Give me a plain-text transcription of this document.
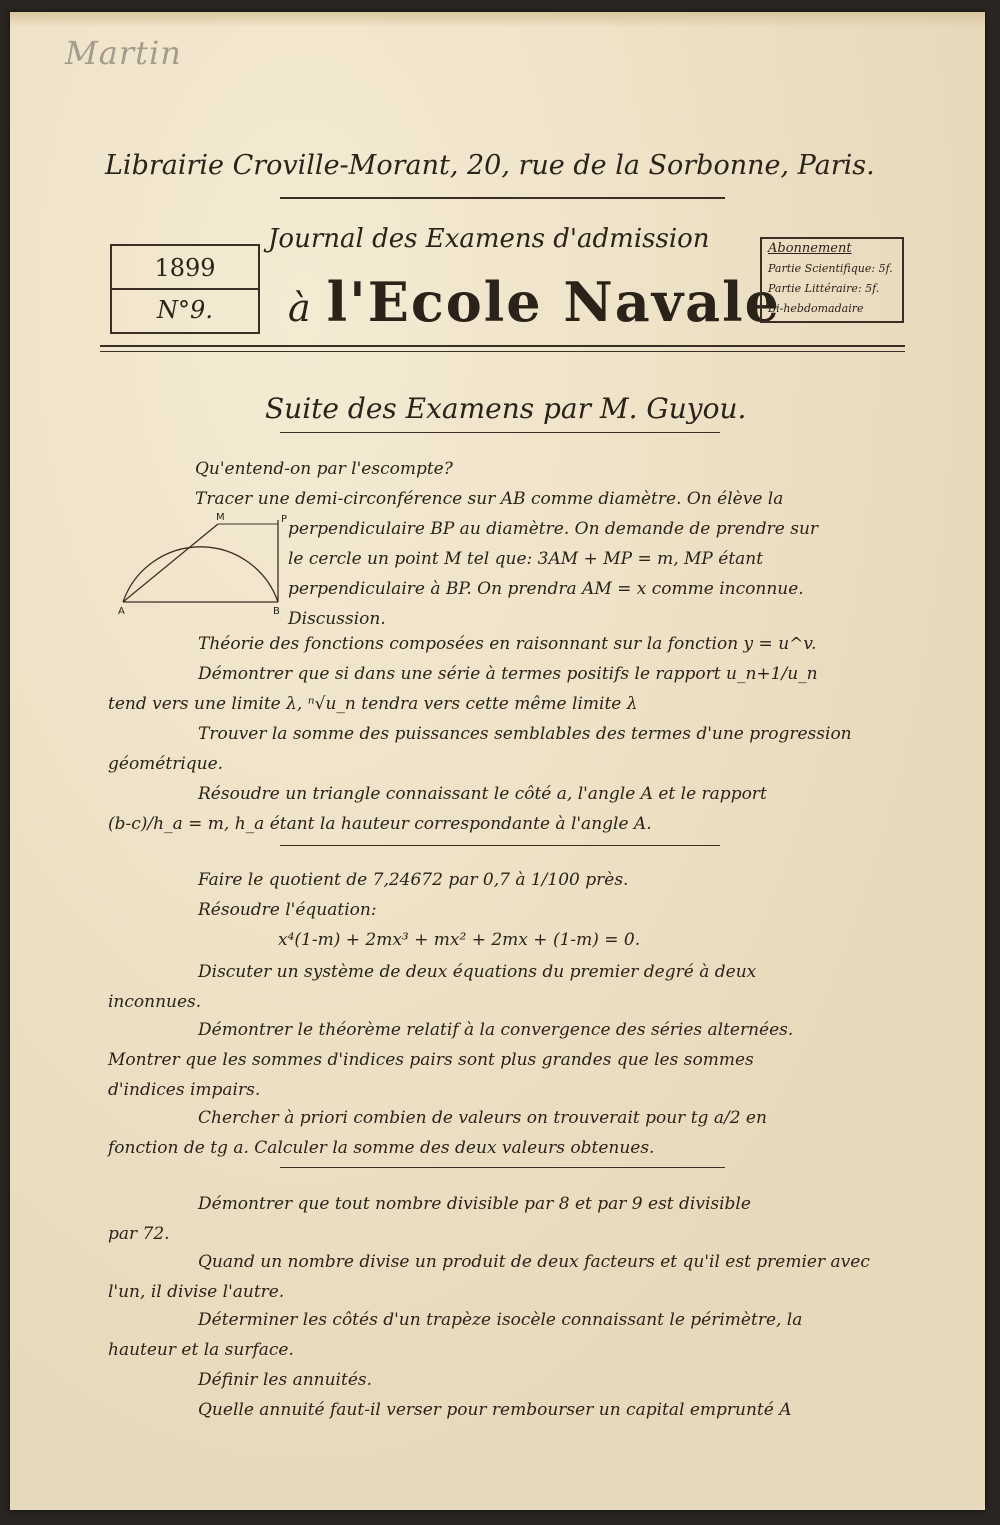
Martin
Librairie Croville-Morant, 20, rue de la Sorbonne, Paris.
1899
N°9.
Journal des Examens d'admission
à l'Ecole Navale
Abonnement
Partie Scientifique: 5f.
Partie Littéraire: 5f.
Bi-hebdomadaire
Suite des Examens par M. Guyou.
M	P
A	B
Qu'entend-on par l'escompte?
Tracer une demi-circonférence sur AB comme diamètre. On élève la
perpendiculaire BP au diamètre. On demande de prendre sur
le cercle un point M tel que: 3AM + MP = m, MP étant
perpendiculaire à BP. On prendra AM = x comme inconnue.
Discussion.
Théorie des fonctions composées en raisonnant sur la fonction y = u^v.
Démontrer que si dans une série à termes positifs le rapport u_n+1/u_n
tend vers une limite λ, ⁿ√u_n tendra vers cette même limite λ
Trouver la somme des puissances semblables des termes d'une progression
géométrique.
Résoudre un triangle connaissant le côté a, l'angle A et le rapport
(b-c)/h_a = m, h_a étant la hauteur correspondante à l'angle A.
Faire le quotient de 7,24672 par 0,7 à 1/100 près.
Résoudre l'équation:
x⁴(1-m) + 2mx³ + mx² + 2mx + (1-m) = 0.
Discuter un système de deux équations du premier degré à deux
inconnues.
Démontrer le théorème relatif à la convergence des séries alternées.
Montrer que les sommes d'indices pairs sont plus grandes que les sommes
d'indices impairs.
Chercher à priori combien de valeurs on trouverait pour tg a/2 en
fonction de tg a. Calculer la somme des deux valeurs obtenues.
Démontrer que tout nombre divisible par 8 et par 9 est divisible
par 72.
Quand un nombre divise un produit de deux facteurs et qu'il est premier avec
l'un, il divise l'autre.
Déterminer les côtés d'un trapèze isocèle connaissant le périmètre, la
hauteur et la surface.
Définir les annuités.
Quelle annuité faut-il verser pour rembourser un capital emprunté A
